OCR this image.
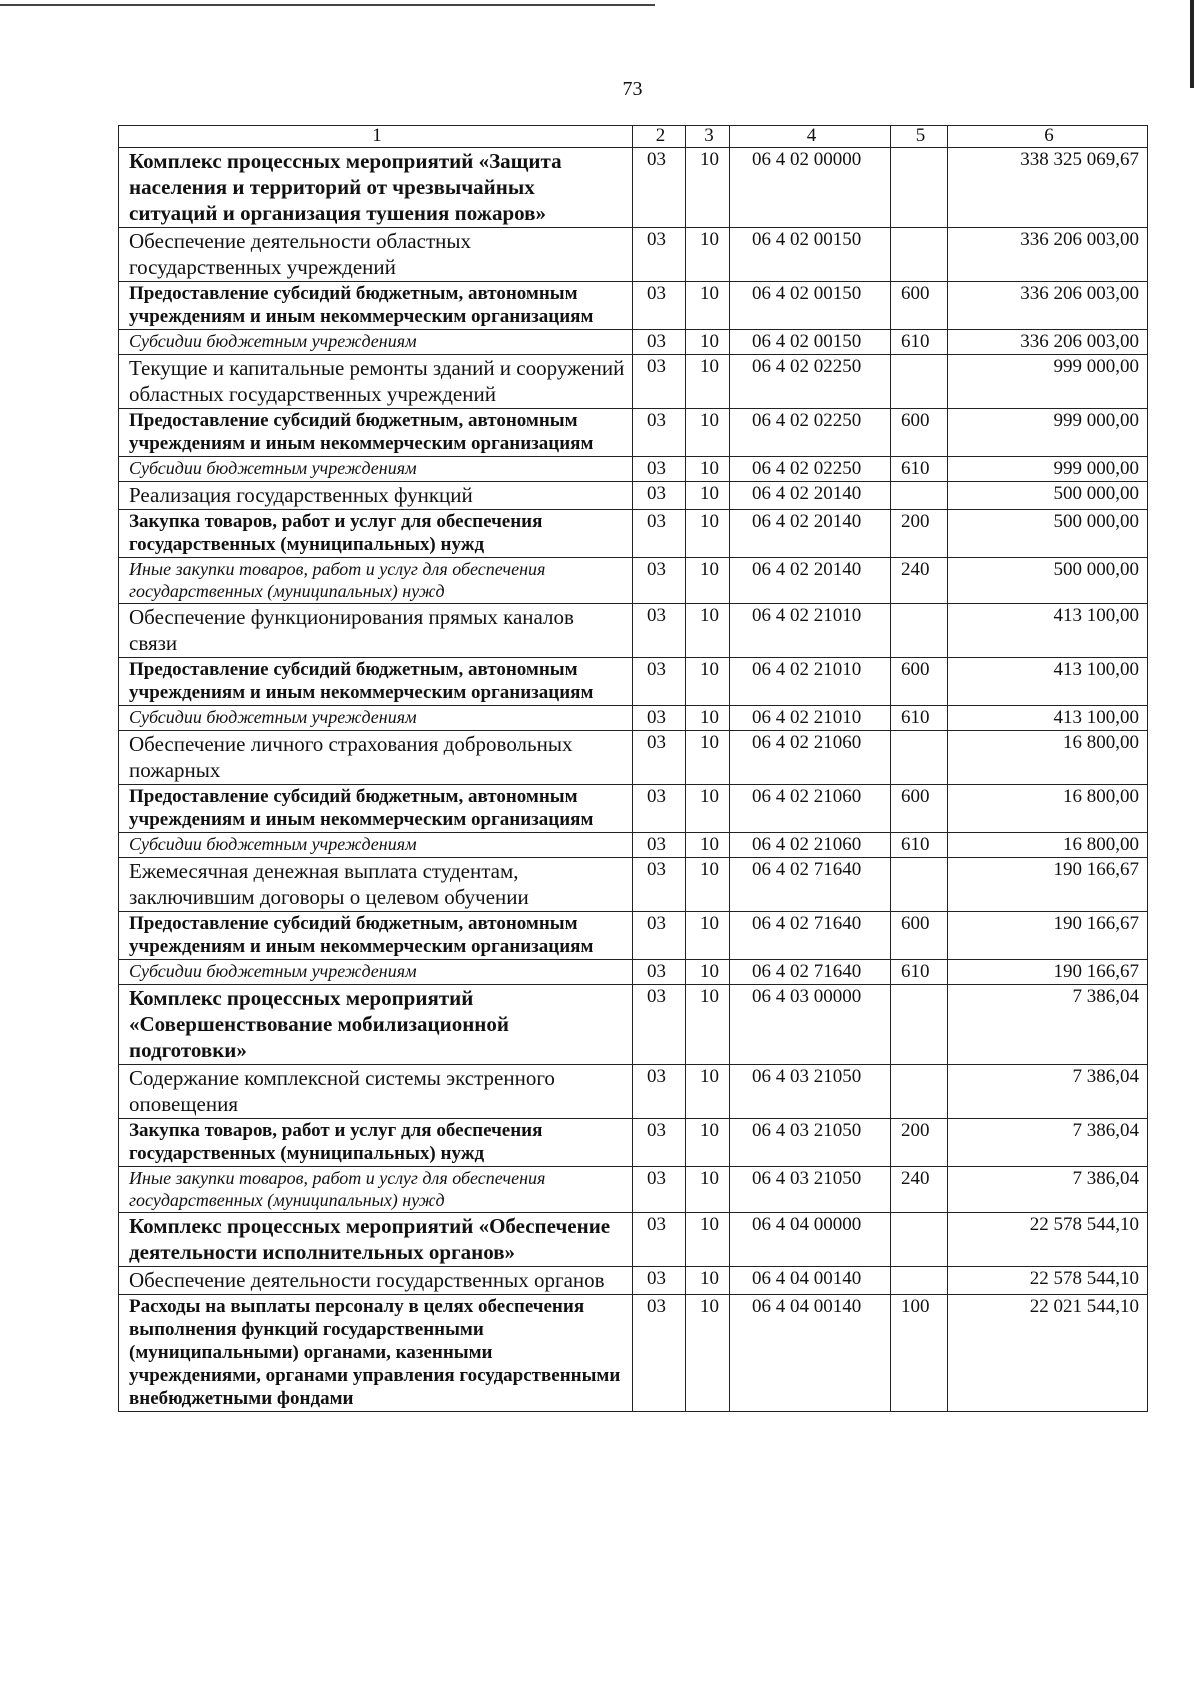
73
1	2	3	4	5	6
Комплекс процессных мероприятий «Защита населения и территорий от чрезвычайных ситуаций и организация тушения пожаров»	03	10	06 4 02 00000		338 325 069,67
Обеспечение деятельности областных государственных учреждений	03	10	06 4 02 00150		336 206 003,00
Предоставление субсидий бюджетным, автономным учреждениям и иным некоммерческим организациям	03	10	06 4 02 00150	600	336 206 003,00
Субсидии бюджетным учреждениям	03	10	06 4 02 00150	610	336 206 003,00
Текущие и капитальные ремонты зданий и сооружений областных государственных учреждений	03	10	06 4 02 02250		999 000,00
Предоставление субсидий бюджетным, автономным учреждениям и иным некоммерческим организациям	03	10	06 4 02 02250	600	999 000,00
Субсидии бюджетным учреждениям	03	10	06 4 02 02250	610	999 000,00
Реализация государственных функций	03	10	06 4 02 20140		500 000,00
Закупка товаров, работ и услуг для обеспечения государственных (муниципальных) нужд	03	10	06 4 02 20140	200	500 000,00
Иные закупки товаров, работ и услуг для обеспечения государственных (муниципальных) нужд	03	10	06 4 02 20140	240	500 000,00
Обеспечение функционирования прямых каналов связи	03	10	06 4 02 21010		413 100,00
Предоставление субсидий бюджетным, автономным учреждениям и иным некоммерческим организациям	03	10	06 4 02 21010	600	413 100,00
Субсидии бюджетным учреждениям	03	10	06 4 02 21010	610	413 100,00
Обеспечение личного страхования добровольных пожарных	03	10	06 4 02 21060		16 800,00
Предоставление субсидий бюджетным, автономным учреждениям и иным некоммерческим организациям	03	10	06 4 02 21060	600	16 800,00
Субсидии бюджетным учреждениям	03	10	06 4 02 21060	610	16 800,00
Ежемесячная денежная выплата студентам, заключившим договоры о целевом обучении	03	10	06 4 02 71640		190 166,67
Предоставление субсидий бюджетным, автономным учреждениям и иным некоммерческим организациям	03	10	06 4 02 71640	600	190 166,67
Субсидии бюджетным учреждениям	03	10	06 4 02 71640	610	190 166,67
Комплекс процессных мероприятий «Совершенствование мобилизационной подготовки»	03	10	06 4 03 00000		7 386,04
Содержание комплексной системы экстренного оповещения	03	10	06 4 03 21050		7 386,04
Закупка товаров, работ и услуг для обеспечения государственных (муниципальных) нужд	03	10	06 4 03 21050	200	7 386,04
Иные закупки товаров, работ и услуг для обеспечения государственных (муниципальных) нужд	03	10	06 4 03 21050	240	7 386,04
Комплекс процессных мероприятий «Обеспечение деятельности исполнительных органов»	03	10	06 4 04 00000		22 578 544,10
Обеспечение деятельности государственных органов	03	10	06 4 04 00140		22 578 544,10
Расходы на выплаты персоналу в целях обеспечения выполнения функций государственными (муниципальными) органами, казенными учреждениями, органами управления государственными внебюджетными фондами	03	10	06 4 04 00140	100	22 021 544,10
